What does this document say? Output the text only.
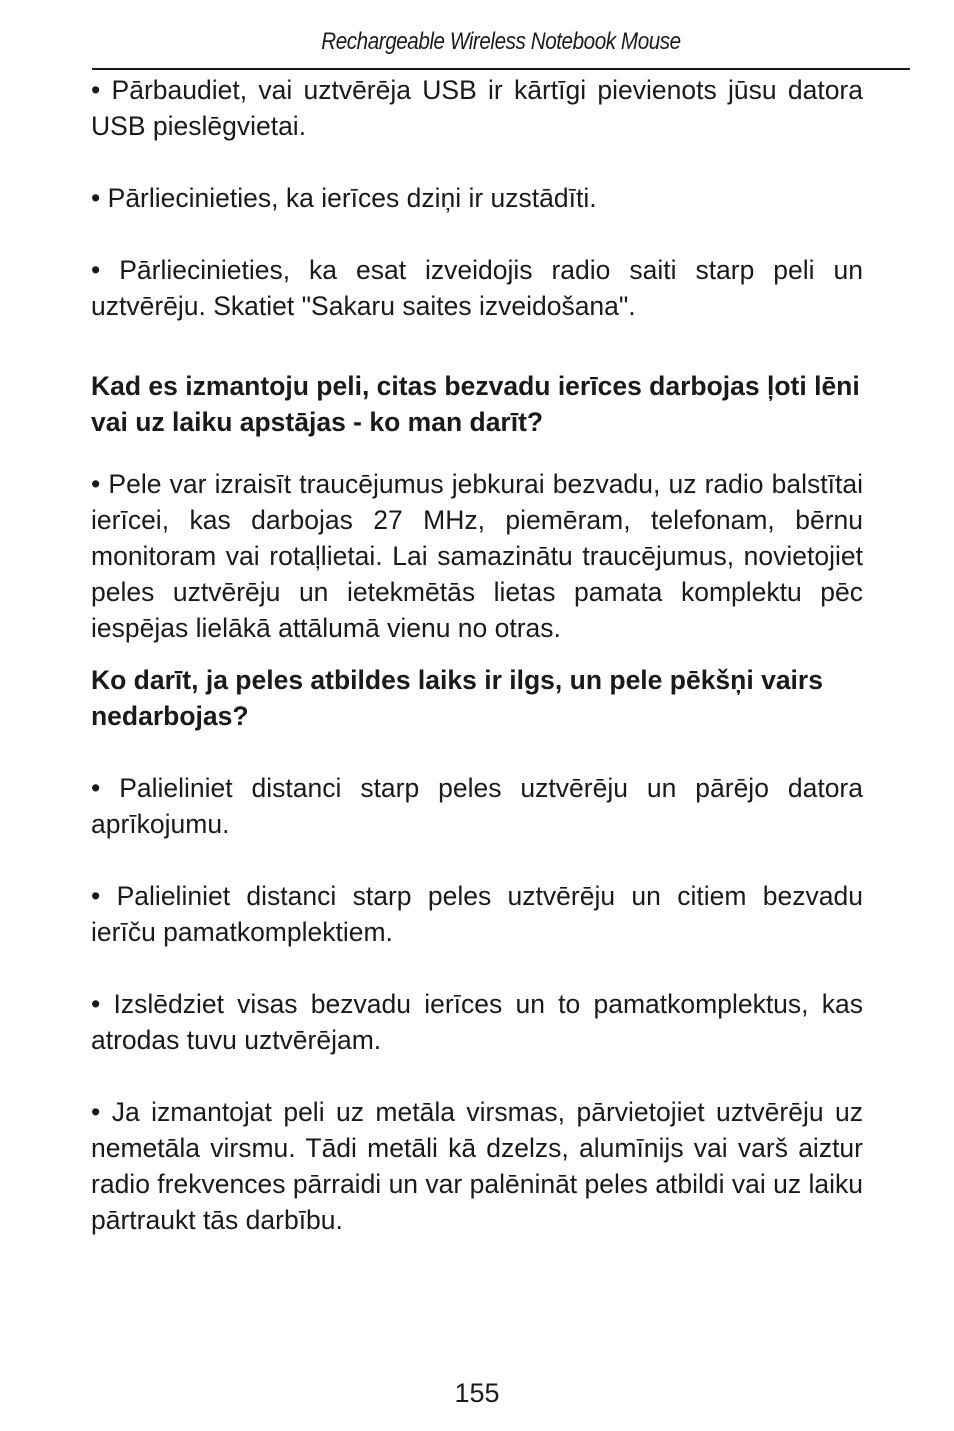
Rechargeable Wireless Notebook Mouse

• Pārbaudiet, vai uztvērēja USB ir kārtīgi pievienots jūsu datora USB pieslēgvietai.

• Pārliecinieties, ka ierīces dziņi ir uzstādīti.

• Pārliecinieties, ka esat izveidojis radio saiti starp peli un uztvērēju. Skatiet "Sakaru saites izveidošana".

Kad es izmantoju peli, citas bezvadu ierīces darbojas ļoti lēni vai uz laiku apstājas - ko man darīt?

• Pele var izraisīt traucējumus jebkurai bezvadu, uz radio balstītai ierīcei, kas darbojas 27 MHz, piemēram, telefonam, bērnu monitoram vai rotaļlietai. Lai samazinātu traucējumus, novietojiet peles uztvērēju un ietekmētās lietas pamata komplektu pēc iespējas lielākā attālumā vienu no otras.

Ko darīt, ja peles atbildes laiks ir ilgs, un pele pēkšņi vairs nedarbojas?

• Palieliniet distanci starp peles uztvērēju un pārējo datora aprīkojumu.

• Palieliniet distanci starp peles uztvērēju un citiem bezvadu ierīču pamatkomplektiem.

• Izslēdziet visas bezvadu ierīces un to pamatkomplektus, kas atrodas tuvu uztvērējam.

• Ja izmantojat peli uz metāla virsmas, pārvietojiet uztvērēju uz nemetāla virsmu. Tādi metāli kā dzelzs, alumīnijs vai varš aiztur radio frekvences pārraidi un var palēnināt peles atbildi vai uz laiku pārtraukt tās darbību.

155
